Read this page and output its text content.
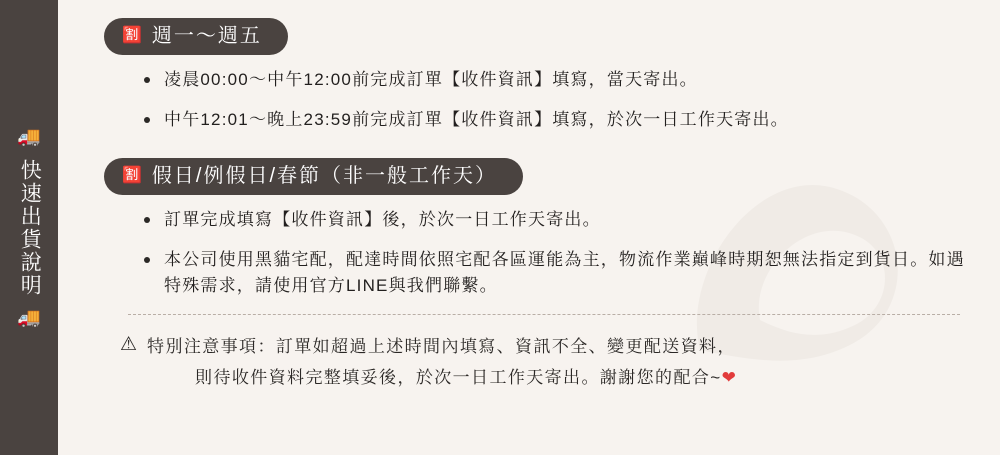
🚚
快速出貨說明
🚚
🈹 週一～週五
凌晨00:00～中午12:00前完成訂單【收件資訊】填寫，當天寄出。
中午12:01～晚上23:59前完成訂單【收件資訊】填寫，於次一日工作天寄出。
🈹 假日/例假日/春節（非一般工作天）
訂單完成填寫【收件資訊】後，於次一日工作天寄出。
本公司使用黑貓宅配，配達時間依照宅配各區運能為主，物流作業巔峰時期恕無法指定到貨日。如遇特殊需求，請使用官方LINE與我們聯繫。
⚠ 特別注意事項：訂單如超過上述時間內填寫、資訊不全、變更配送資料，
則待收件資料完整填妥後，於次一日工作天寄出。謝謝您的配合~❤
